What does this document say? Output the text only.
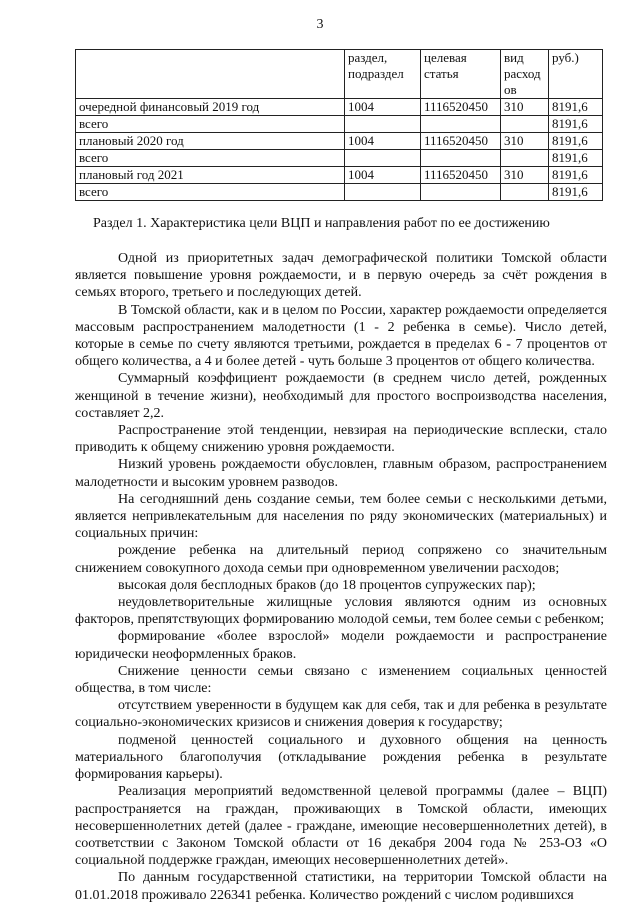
3
	раздел, подраздел	целевая статья	вид расход ов	руб.)
очередной финансовый 2019 год	1004	1116520450	310	8191,6
всего				8191,6
плановый 2020 год	1004	1116520450	310	8191,6
всего				8191,6
плановый год 2021	1004	1116520450	310	8191,6
всего				8191,6
Раздел 1. Характеристика цели ВЦП и направления работ по ее достижению

Одной из приоритетных задач демографической политики Томской области является повышение уровня рождаемости, и в первую очередь за счёт рождения в семьях второго, третьего и последующих детей.

В Томской области, как и в целом по России, характер рождаемости определяется массовым распространением малодетности (1 - 2 ребенка в семье). Число детей, которые в семье по счету являются третьими, рождается в пределах 6 - 7 процентов от общего количества, а 4 и более детей - чуть больше 3 процентов от общего количества.

Суммарный коэффициент рождаемости (в среднем число детей, рожденных женщиной в течение жизни), необходимый для простого воспроизводства населения, составляет 2,2.

Распространение этой тенденции, невзирая на периодические всплески, стало приводить к общему снижению уровня рождаемости.

Низкий уровень рождаемости обусловлен, главным образом, распространением малодетности и высоким уровнем разводов.

На сегодняшний день создание семьи, тем более семьи с несколькими детьми, является непривлекательным для населения по ряду экономических (материальных) и социальных причин:

рождение ребенка на длительный период сопряжено со значительным снижением совокупного дохода семьи при одновременном увеличении расходов;

высокая доля бесплодных браков (до 18 процентов супружеских пар);

неудовлетворительные жилищные условия являются одним из основных факторов, препятствующих формированию молодой семьи, тем более семьи с ребенком;

формирование «более взрослой» модели рождаемости и распространение юридически неоформленных браков.

Снижение ценности семьи связано с изменением социальных ценностей общества, в том числе:

отсутствием уверенности в будущем как для себя, так и для ребенка в результате социально-экономических кризисов и снижения доверия к государству;

подменой ценностей социального и духовного общения на ценность материального благополучия (откладывание рождения ребенка в результате формирования карьеры).

Реализация мероприятий ведомственной целевой программы (далее – ВЦП) распространяется на граждан, проживающих в Томской области, имеющих несовершеннолетних детей (далее - граждане, имеющие несовершеннолетних детей), в соответствии с Законом Томской области от 16 декабря 2004 года № 253-ОЗ «О социальной поддержке граждан, имеющих несовершеннолетних детей».

По данным государственной статистики, на территории Томской области на 01.01.2018 проживало 226341 ребенка. Количество рождений с числом родившихся
